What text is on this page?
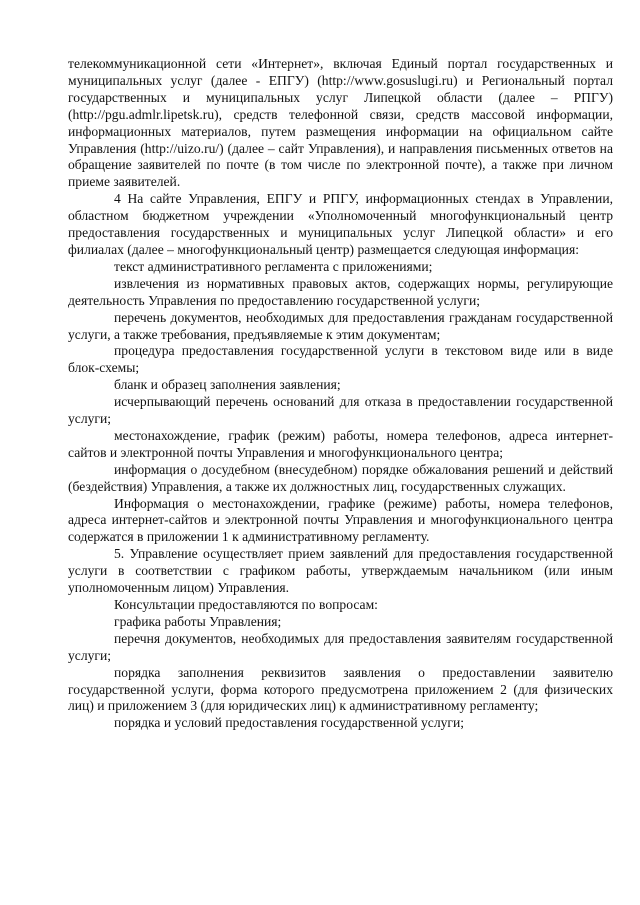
телекоммуникационной сети «Интернет», включая Единый портал государственных и муниципальных услуг (далее - ЕПГУ) (http://www.gosuslugi.ru) и Региональный портал государственных и муниципальных услуг Липецкой области (далее – РПГУ) (http://pgu.admlr.lipetsk.ru), средств телефонной связи, средств массовой информации, информационных материалов, путем размещения информации на официальном сайте Управления (http://uizo.ru/) (далее – сайт Управления), и направления письменных ответов на обращение заявителей по почте (в том числе по электронной почте), а также при личном приеме заявителей.

4 На сайте Управления, ЕПГУ и РПГУ, информационных стендах в Управлении, областном бюджетном учреждении «Уполномоченный многофункциональный центр предоставления государственных и муниципальных услуг Липецкой области» и его филиалах (далее – многофункциональный центр) размещается следующая информация:

текст административного регламента с приложениями;

извлечения из нормативных правовых актов, содержащих нормы, регулирующие деятельность Управления по предоставлению государственной услуги;

перечень документов, необходимых для предоставления гражданам государственной услуги, а также требования, предъявляемые к этим документам;

процедура предоставления государственной услуги в текстовом виде или в виде блок-схемы;

бланк и образец заполнения заявления;

исчерпывающий перечень оснований для отказа в предоставлении государственной услуги;

местонахождение, график (режим) работы, номера телефонов, адреса интернет-сайтов и электронной почты Управления и многофункционального центра;

информация о досудебном (внесудебном) порядке обжалования решений и действий (бездействия) Управления, а также их должностных лиц, государственных служащих.

Информация о местонахождении, графике (режиме) работы, номера телефонов, адреса интернет-сайтов и электронной почты Управления и многофункционального центра содержатся в приложении 1 к административному регламенту.

5. Управление осуществляет прием заявлений для предоставления государственной услуги в соответствии с графиком работы, утверждаемым начальником (или иным уполномоченным лицом) Управления.

Консультации предоставляются по вопросам:

графика работы Управления;

перечня документов, необходимых для предоставления заявителям государственной услуги;

порядка заполнения реквизитов заявления о предоставлении заявителю государственной услуги, форма которого предусмотрена приложением 2 (для физических лиц) и приложением 3 (для юридических лиц) к административному регламенту;

порядка и условий предоставления государственной услуги;
